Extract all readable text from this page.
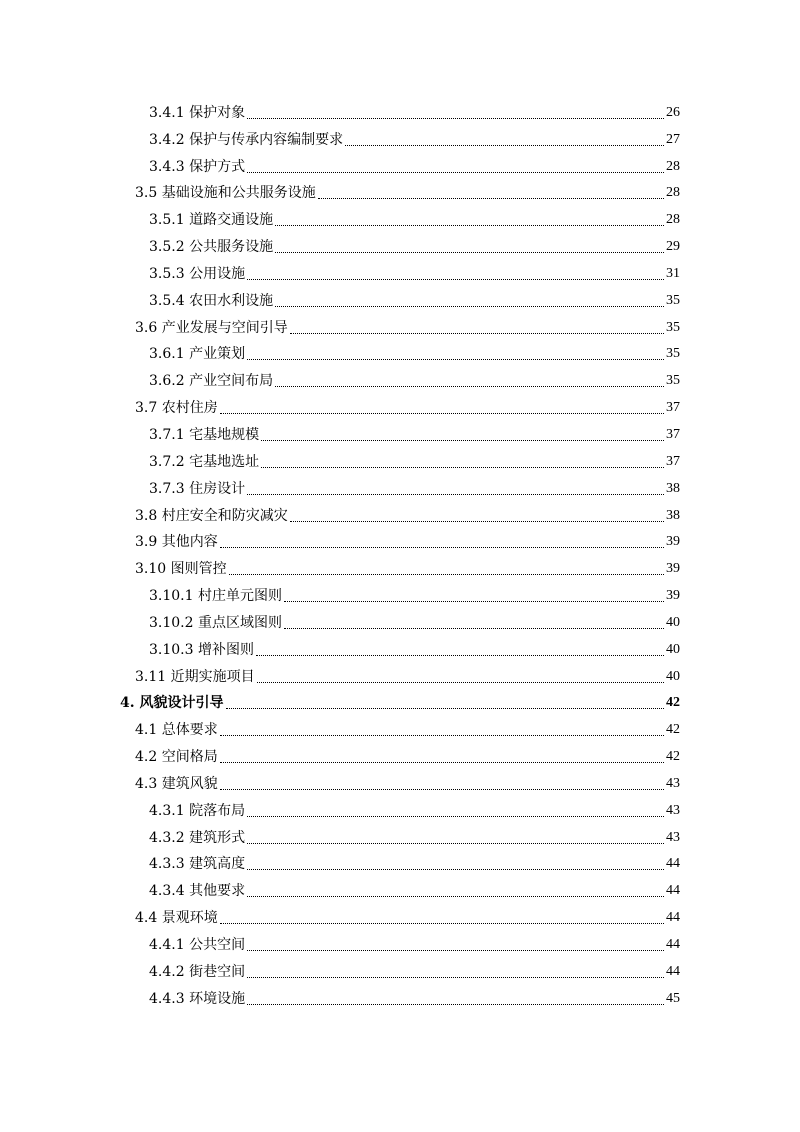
3.4.1 保护对象	26
3.4.2 保护与传承内容编制要求	27
3.4.3 保护方式	28
3.5 基础设施和公共服务设施	28
3.5.1 道路交通设施	28
3.5.2 公共服务设施	29
3.5.3 公用设施	31
3.5.4 农田水利设施	35
3.6 产业发展与空间引导	35
3.6.1 产业策划	35
3.6.2 产业空间布局	35
3.7 农村住房	37
3.7.1 宅基地规模	37
3.7.2 宅基地选址	37
3.7.3 住房设计	38
3.8 村庄安全和防灾减灾	38
3.9 其他内容	39
3.10 图则管控	39
3.10.1 村庄单元图则	39
3.10.2 重点区域图则	40
3.10.3 增补图则	40
3.11 近期实施项目	40
4. 风貌设计引导	42
4.1 总体要求	42
4.2 空间格局	42
4.3 建筑风貌	43
4.3.1 院落布局	43
4.3.2 建筑形式	43
4.3.3 建筑高度	44
4.3.4 其他要求	44
4.4 景观环境	44
4.4.1 公共空间	44
4.4.2 街巷空间	44
4.4.3 环境设施	45
